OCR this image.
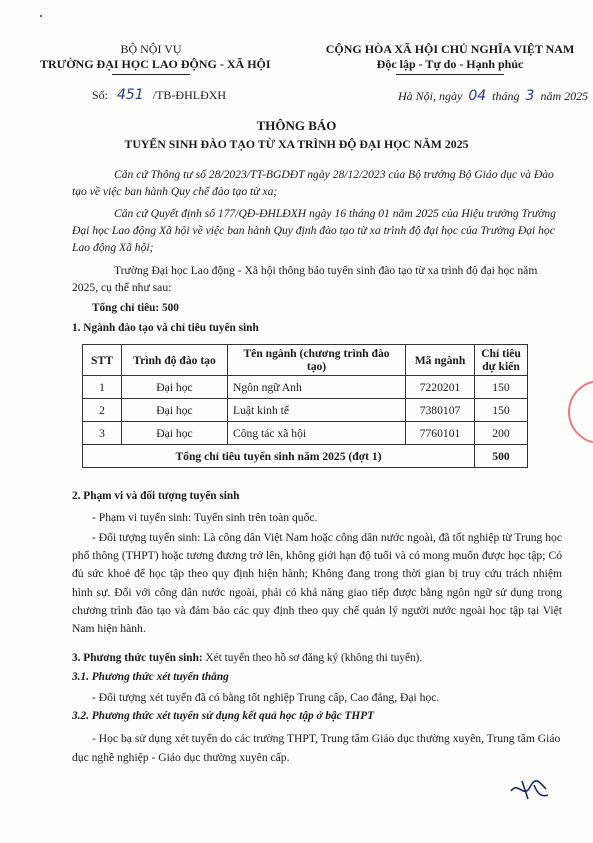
BỘ NỘI VỤ
TRƯỜNG ĐẠI HỌC LAO ĐỘNG - XÃ HỘI
Số: 451 /TB-ĐHLĐXH
CỘNG HÒA XÃ HỘI CHỦ NGHĨA VIỆT NAM
Độc lập - Tự do - Hạnh phúc
Hà Nội, ngày 04 tháng 3 năm 2025
THÔNG BÁO
TUYỂN SINH ĐÀO TẠO TỪ XA TRÌNH ĐỘ ĐẠI HỌC NĂM 2025
Căn cứ Thông tư số 28/2023/TT-BGDĐT ngày 28/12/2023 của Bộ trưởng Bộ Giáo dục và Đào tạo về việc ban hành Quy chế đào tạo từ xa;
Căn cứ Quyết định số 177/QĐ-ĐHLĐXH ngày 16 tháng 01 năm 2025 của Hiệu trưởng Trường Đại học Lao động Xã hội về việc ban hành Quy định đào tạo từ xa trình độ đại học của Trường Đại học Lao động Xã hội;
Trường Đại học Lao động - Xã hội thông báo tuyển sinh đào tạo từ xa trình độ đại học năm 2025, cụ thể như sau:
Tổng chỉ tiêu: 500
1. Ngành đào tạo và chỉ tiêu tuyển sinh
STT	Trình độ đào tạo	Tên ngành (chương trình đào tạo)	Mã ngành	Chỉ tiêu dự kiến
1	Đại học	Ngôn ngữ Anh	7220201	150
2	Đại học	Luật kinh tế	7380107	150
3	Đại học	Công tác xã hội	7760101	200
Tổng chỉ tiêu tuyển sinh năm 2025 (đợt 1)				500
2. Phạm vi và đối tượng tuyển sinh
- Phạm vi tuyển sinh: Tuyển sinh trên toàn quốc.
- Đối tượng tuyển sinh: Là công dân Việt Nam hoặc công dân nước ngoài, đã tốt nghiệp từ Trung học phổ thông (THPT) hoặc tương đương trở lên, không giới hạn độ tuổi và có mong muốn được học tập; Có đủ sức khoẻ để học tập theo quy định hiện hành; Không đang trong thời gian bị truy cứu trách nhiệm hình sự. Đối với công dân nước ngoài, phải có khả năng giao tiếp được bằng ngôn ngữ sử dụng trong chương trình đào tạo và đảm bảo các quy định theo quy chế quản lý người nước ngoài học tập tại Việt Nam hiện hành.
3. Phương thức tuyển sinh: Xét tuyển theo hồ sơ đăng ký (không thi tuyển).
3.1. Phương thức xét tuyển thẳng
- Đối tượng xét tuyển đã có bằng tốt nghiệp Trung cấp, Cao đẳng, Đại học.
3.2. Phương thức xét tuyển sử dụng kết quả học tập ở bậc THPT
- Học bạ sử dụng xét tuyển do các trường THPT, Trung tâm Giáo dục thường xuyên, Trung tâm Giáo dục nghề nghiệp - Giáo dục thường xuyên cấp.
